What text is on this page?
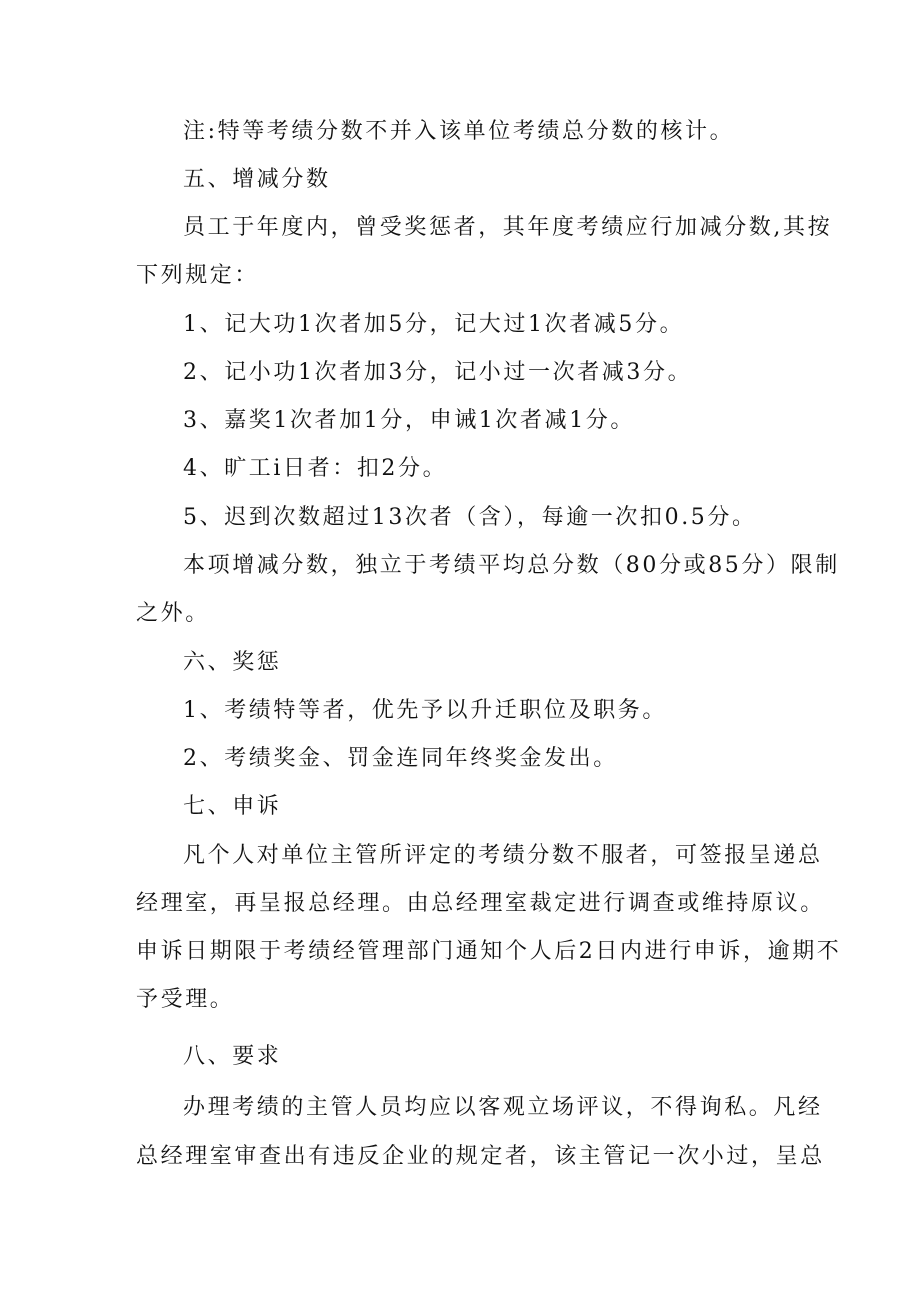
注:特等考绩分数不并入该单位考绩总分数的核计。
五、增减分数
员工于年度内，曾受奖惩者，其年度考绩应行加减分数,其按
下列规定：
1、记大功1次者加5分，记大过1次者减5分。
2、记小功1次者加3分，记小过一次者减3分。
3、嘉奖1次者加1分，申诫1次者减1分。
4、旷工i日者：扣2分。
5、迟到次数超过13次者（含），每逾一次扣0.5分。
本项增减分数，独立于考绩平均总分数（80分或85分）限制
之外。
六、奖惩
1、考绩特等者，优先予以升迁职位及职务。
2、考绩奖金、罚金连同年终奖金发出。
七、申诉
凡个人对单位主管所评定的考绩分数不服者，可签报呈递总
经理室，再呈报总经理。由总经理室裁定进行调查或维持原议。
申诉日期限于考绩经管理部门通知个人后2日内进行申诉，逾期不
予受理。
八、要求
办理考绩的主管人员均应以客观立场评议，不得询私。凡经
总经理室审查出有违反企业的规定者，该主管记一次小过，呈总
